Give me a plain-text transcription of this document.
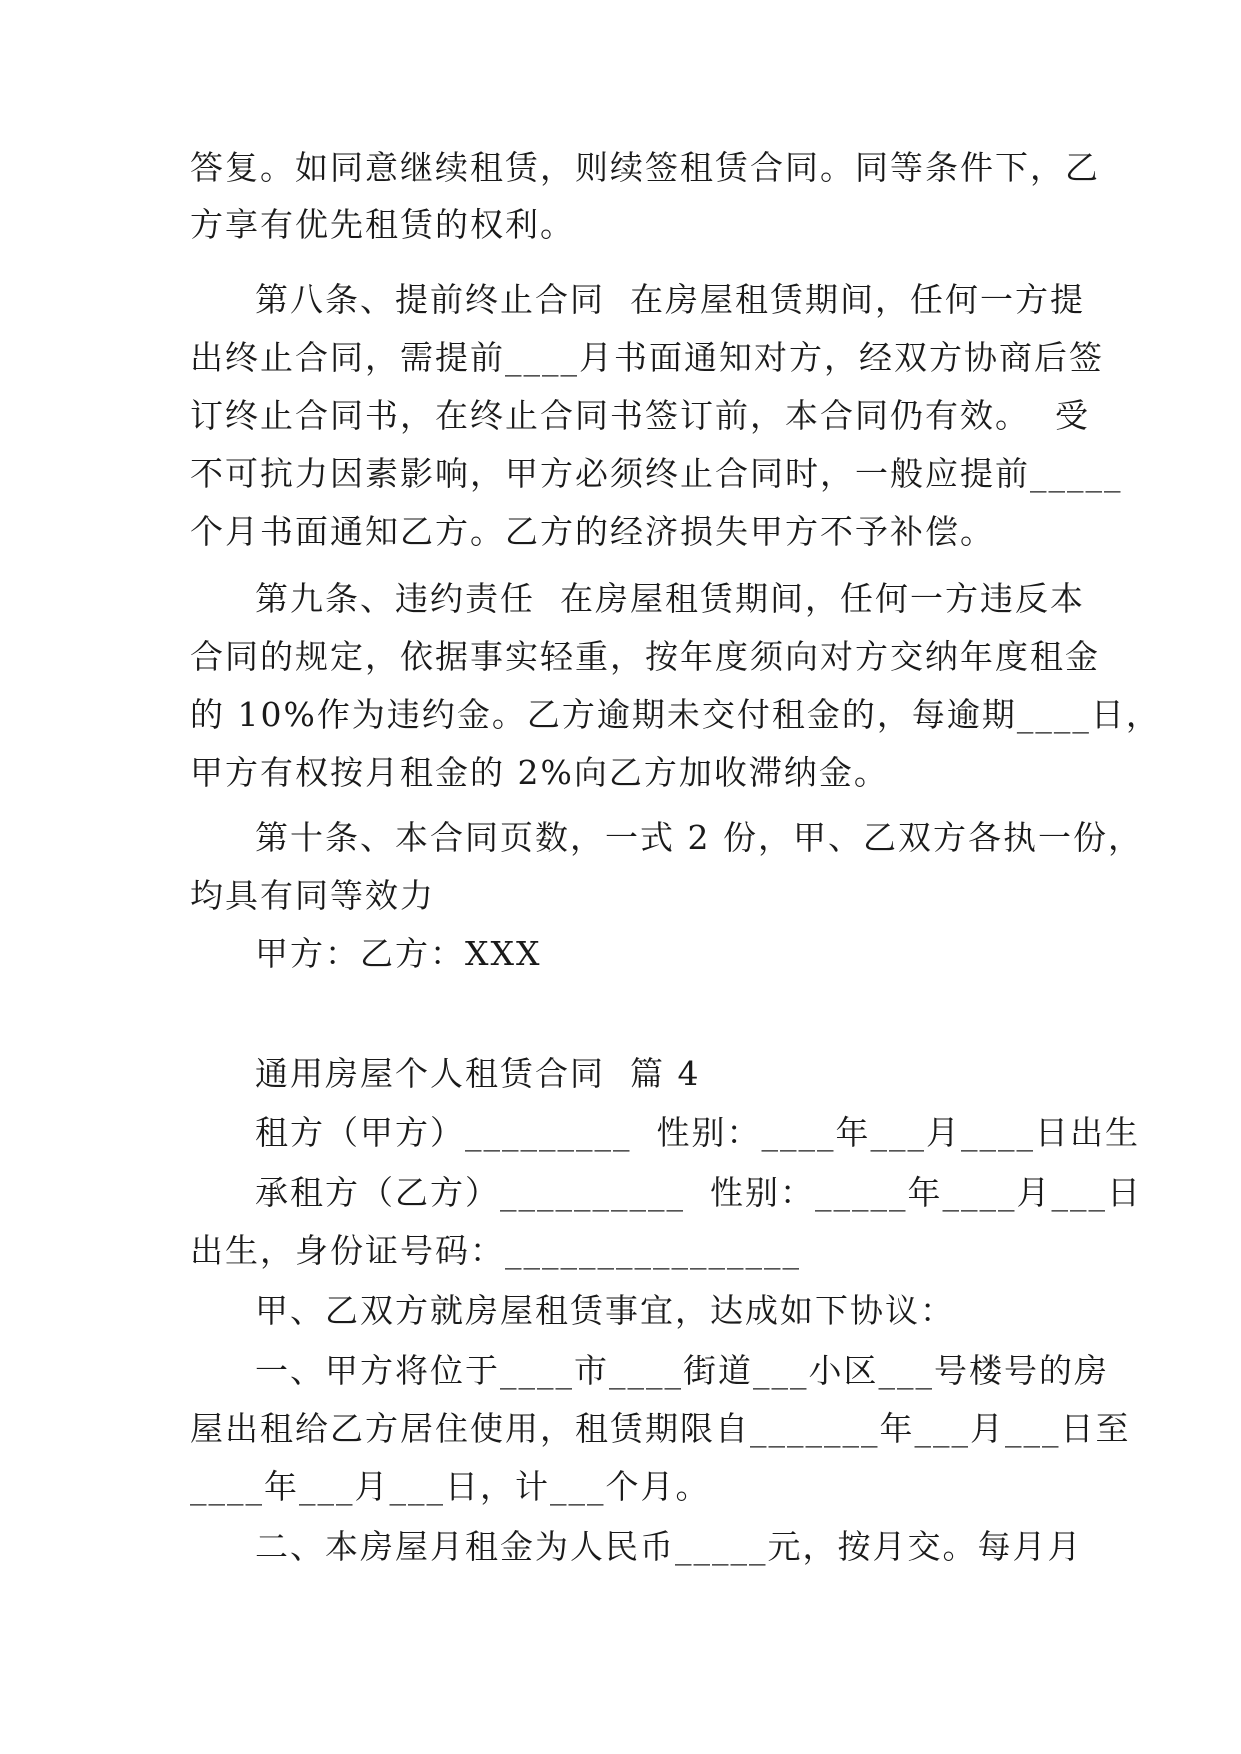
答复。如同意继续租赁，则续签租赁合同。同等条件下，乙
方享有优先租赁的权利。
第八条、提前终止合同  在房屋租赁期间，任何一方提
出终止合同，需提前____月书面通知对方，经双方协商后签
订终止合同书，在终止合同书签订前，本合同仍有效。  受
不可抗力因素影响，甲方必须终止合同时，一般应提前_____
个月书面通知乙方。乙方的经济损失甲方不予补偿。
第九条、违约责任  在房屋租赁期间，任何一方违反本
合同的规定，依据事实轻重，按年度须向对方交纳年度租金
的 10%作为违约金。乙方逾期未交付租金的，每逾期____日，
甲方有权按月租金的 2%向乙方加收滞纳金。
第十条、本合同页数，一式 2 份，甲、乙双方各执一份，
均具有同等效力
甲方：乙方：XXX
通用房屋个人租赁合同  篇 4
租方（甲方）_________  性别：____年___月____日出生
承租方（乙方）__________  性别：_____年____月___日
出生，身份证号码：________________
甲、乙双方就房屋租赁事宜，达成如下协议：
一、甲方将位于____市____街道___小区___号楼号的房
屋出租给乙方居住使用，租赁期限自_______年___月___日至
____年___月___日，计___个月。
二、本房屋月租金为人民币_____元，按月交。每月月
